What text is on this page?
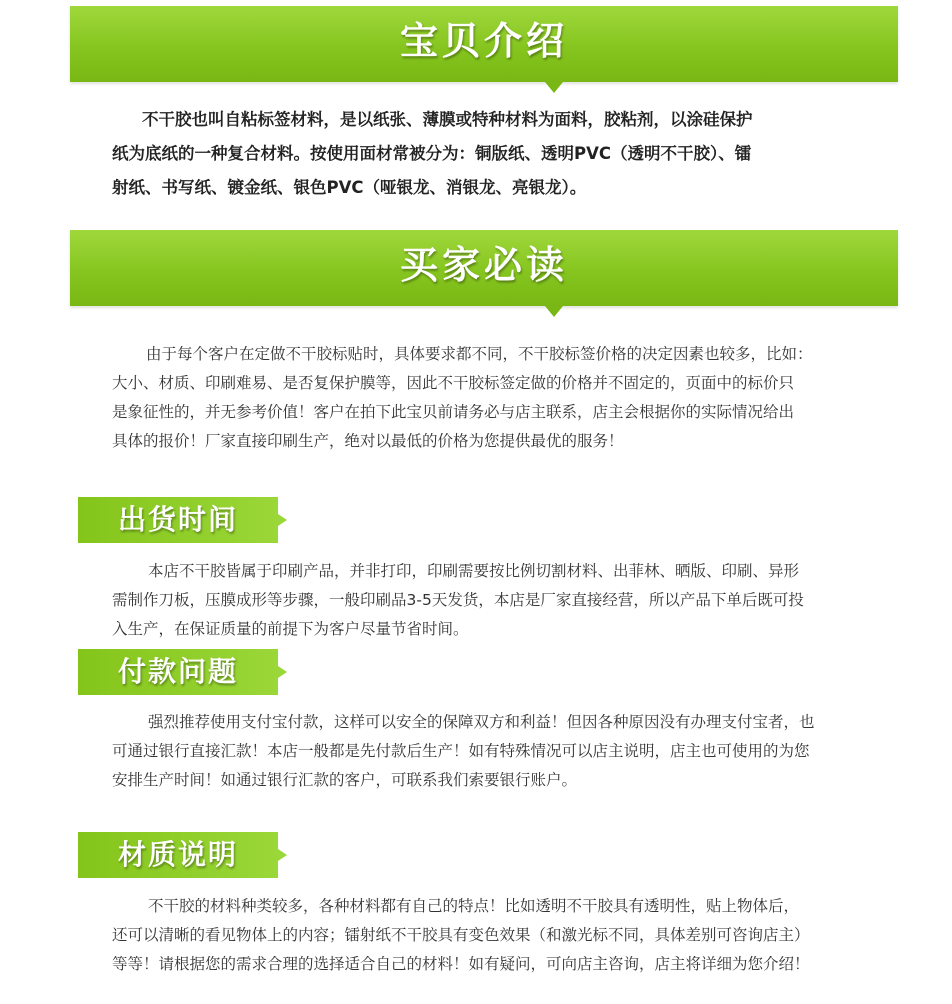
宝贝介绍
不干胶也叫自粘标签材料，是以纸张、薄膜或特种材料为面料，胶粘剂，以涂硅保护
纸为底纸的一种复合材料。按使用面材常被分为：铜版纸、透明PVC（透明不干胶）、镭
射纸、书写纸、镀金纸、银色PVC（哑银龙、消银龙、亮银龙）。
买家必读
由于每个客户在定做不干胶标贴时，具体要求都不同，不干胶标签价格的决定因素也较多，比如：
大小、材质、印刷难易、是否复保护膜等，因此不干胶标签定做的价格并不固定的，页面中的标价只
是象征性的，并无参考价值！客户在拍下此宝贝前请务必与店主联系，店主会根据你的实际情况给出
具体的报价！厂家直接印刷生产，绝对以最低的价格为您提供最优的服务！
出货时间
本店不干胶皆属于印刷产品，并非打印，印刷需要按比例切割材料、出菲林、晒版、印刷、异形
需制作刀板，压膜成形等步骤，一般印刷品3-5天发货，本店是厂家直接经营，所以产品下单后既可投
入生产，在保证质量的前提下为客户尽量节省时间。
付款问题
强烈推荐使用支付宝付款，这样可以安全的保障双方和利益！但因各种原因没有办理支付宝者，也
可通过银行直接汇款！本店一般都是先付款后生产！如有特殊情况可以店主说明，店主也可使用的为您
安排生产时间！如通过银行汇款的客户，可联系我们索要银行账户。
材质说明
不干胶的材料种类较多，各种材料都有自己的特点！比如透明不干胶具有透明性，贴上物体后，
还可以清晰的看见物体上的内容；镭射纸不干胶具有变色效果（和激光标不同，具体差别可咨询店主）
等等！请根据您的需求合理的选择适合自己的材料！如有疑问，可向店主咨询，店主将详细为您介绍！
